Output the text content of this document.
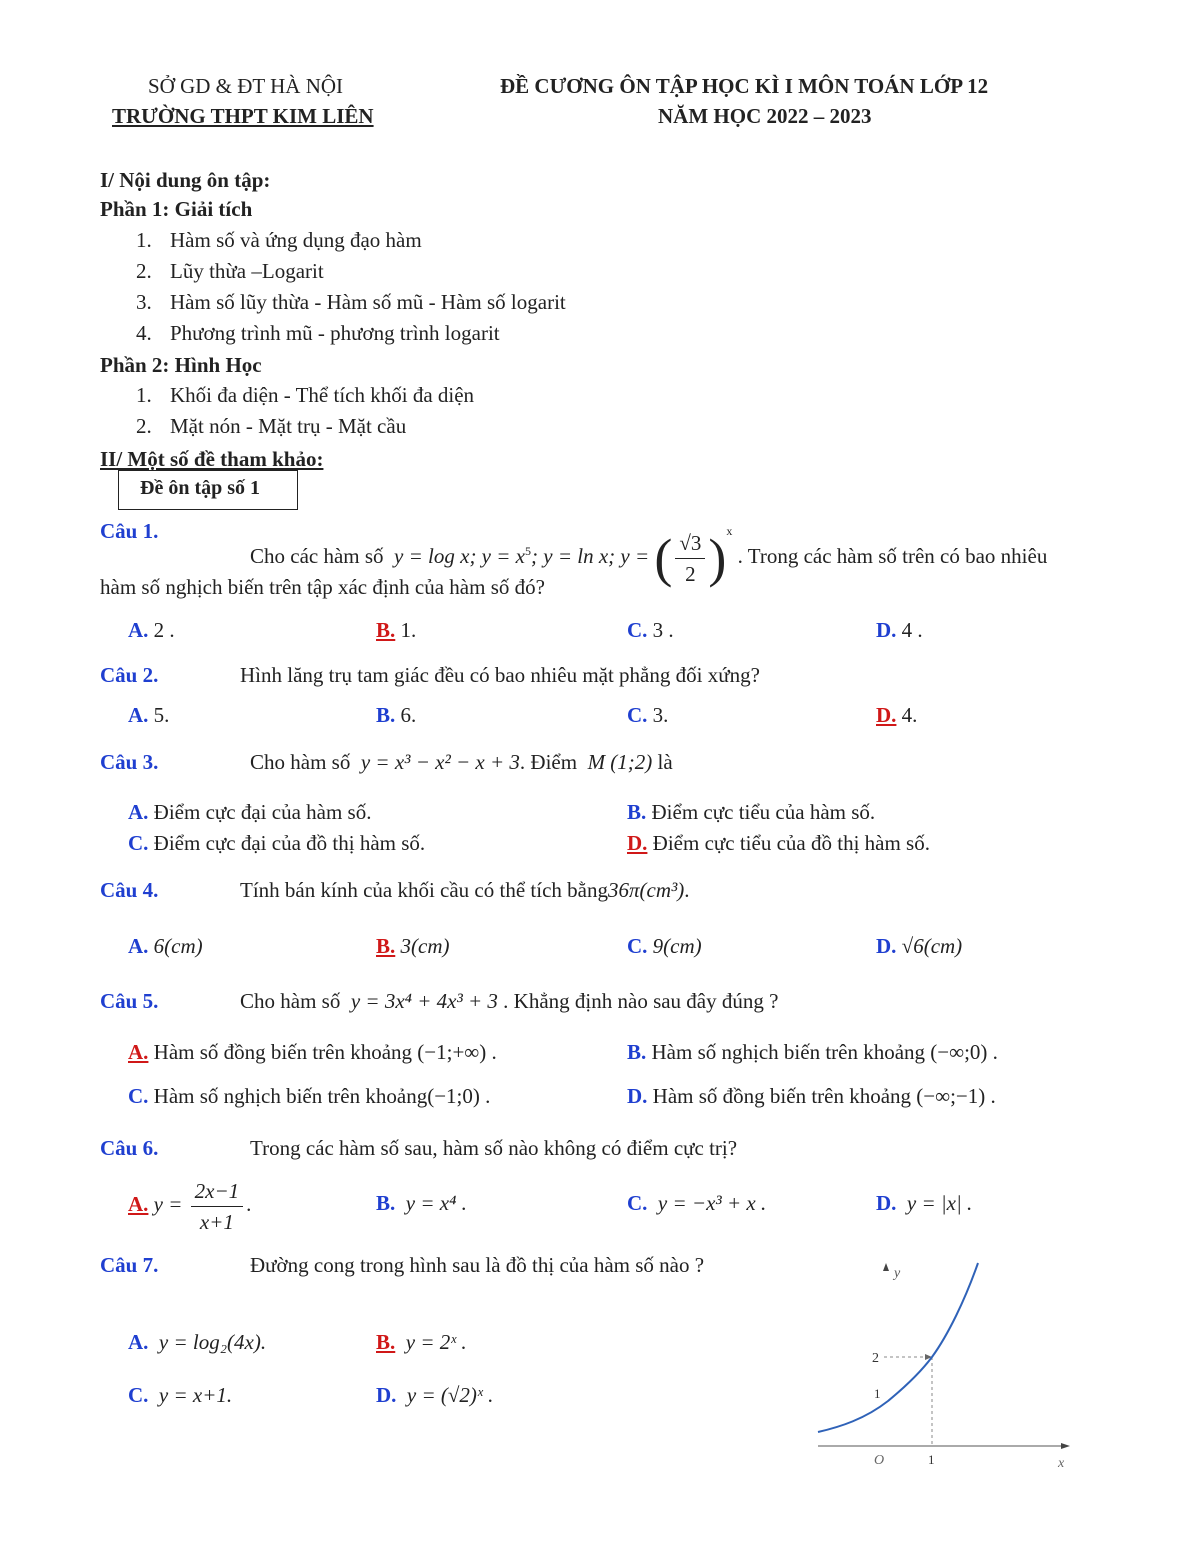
SỞ GD & ĐT HÀ NỘI
TRƯỜNG THPT KIM LIÊN
ĐỀ CƯƠNG ÔN TẬP HỌC KÌ I MÔN TOÁN LỚP 12
NĂM HỌC 2022 – 2023
I/ Nội dung ôn tập:
Phần 1: Giải tích
1. Hàm số và ứng dụng đạo hàm
2. Lũy thừa –Logarit
3. Hàm số lũy thừa - Hàm số mũ - Hàm số logarit
4. Phương trình mũ - phương trình logarit
Phần 2: Hình Học
1. Khối đa diện - Thể tích khối đa diện
2. Mặt nón - Mặt trụ - Mặt cầu
II/ Một số đề tham khảo:
Đề ôn tập số 1
Câu 1.
Cho các hàm số y = log x; $y = x^5$; y = ln x; y = ( $\frac{√3}{2} )^x$ . Trong các hàm số trên có bao nhiêu
hàm số nghịch biến trên tập xác định của hàm số đó?
A. 2 .	B. 1.	C. 3 .	D. 4 .
Câu 2.	Hình lăng trụ tam giác đều có bao nhiêu mặt phẳng đối xứng?
A. 5.	B. 6.	C. 3.	D. 4.
Câu 3.	Cho hàm số y = x³ − x² − x + 3. Điểm M (1;2) là
A. Điểm cực đại của hàm số.	B. Điểm cực tiểu của hàm số.
C. Điểm cực đại của đồ thị hàm số.	D. Điểm cực tiểu của đồ thị hàm số.
Câu 4.	Tính bán kính của khối cầu có thể tích bằng36π(cm³).
A. 6(cm)	B. 3(cm)	C. 9(cm)	D. √6(cm)
Câu 5.	Cho hàm số y = 3x⁴ + 4x³ + 3 . Khẳng định nào sau đây đúng ?
A. Hàm số đồng biến trên khoảng (−1;+∞) .	B. Hàm số nghịch biến trên khoảng (−∞;0) .
C. Hàm số nghịch biến trên khoảng(−1;0) .	D. Hàm số đồng biến trên khoảng (−∞;−1) .
Câu 6.	Trong các hàm số sau, hàm số nào không có điểm cực trị?
A. $y = \frac{2x-1}{x+1}$ .	B. y = x⁴ .	C. y = −x³ + x .	D. y = |x| .
Câu 7.	Đường cong trong hình sau là đồ thị của hàm số nào ?
A. y = log₂(4x).	B. y = 2ˣ .
C. y = x+1.	D. y = (√2)ˣ .
y
x
2
1
O	1
